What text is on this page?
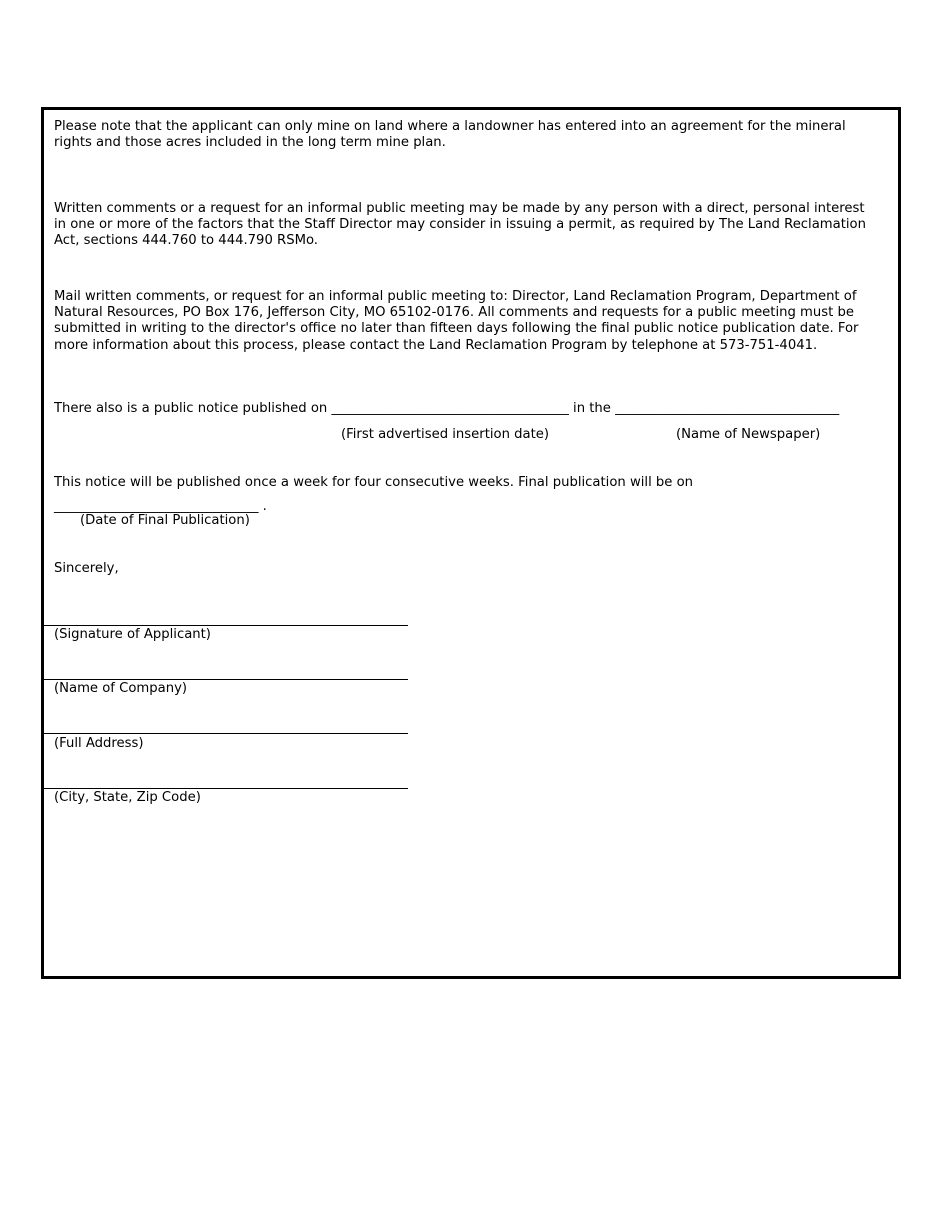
Please note that the applicant can only mine on land where a landowner has entered into an agreement for the mineral rights and those acres included in the long term mine plan.
Written comments or a request for an informal public meeting may be made by any person with a direct, personal interest in one or more of the factors that the Staff Director may consider in issuing a permit, as required by The Land Reclamation Act, sections 444.760 to 444.790 RSMo.
Mail written comments, or request for an informal public meeting to: Director, Land Reclamation Program, Department of Natural Resources, PO Box 176, Jefferson City, MO 65102-0176. All comments and requests for a public meeting must be submitted in writing to the director's office no later than fifteen days following the final public notice publication date. For more information about this process, please contact the Land Reclamation Program by telephone at 573-751-4041.
There also is a public notice published on ____________________________________ in the __________________________________
(First advertised insertion date)	(Name of Newspaper)
This notice will be published once a week for four consecutive weeks. Final publication will be on
_______________________________ .
(Date of Final Publication)
Sincerely,
(Signature of Applicant)
(Name of Company)
(Full Address)
(City, State, Zip Code)
